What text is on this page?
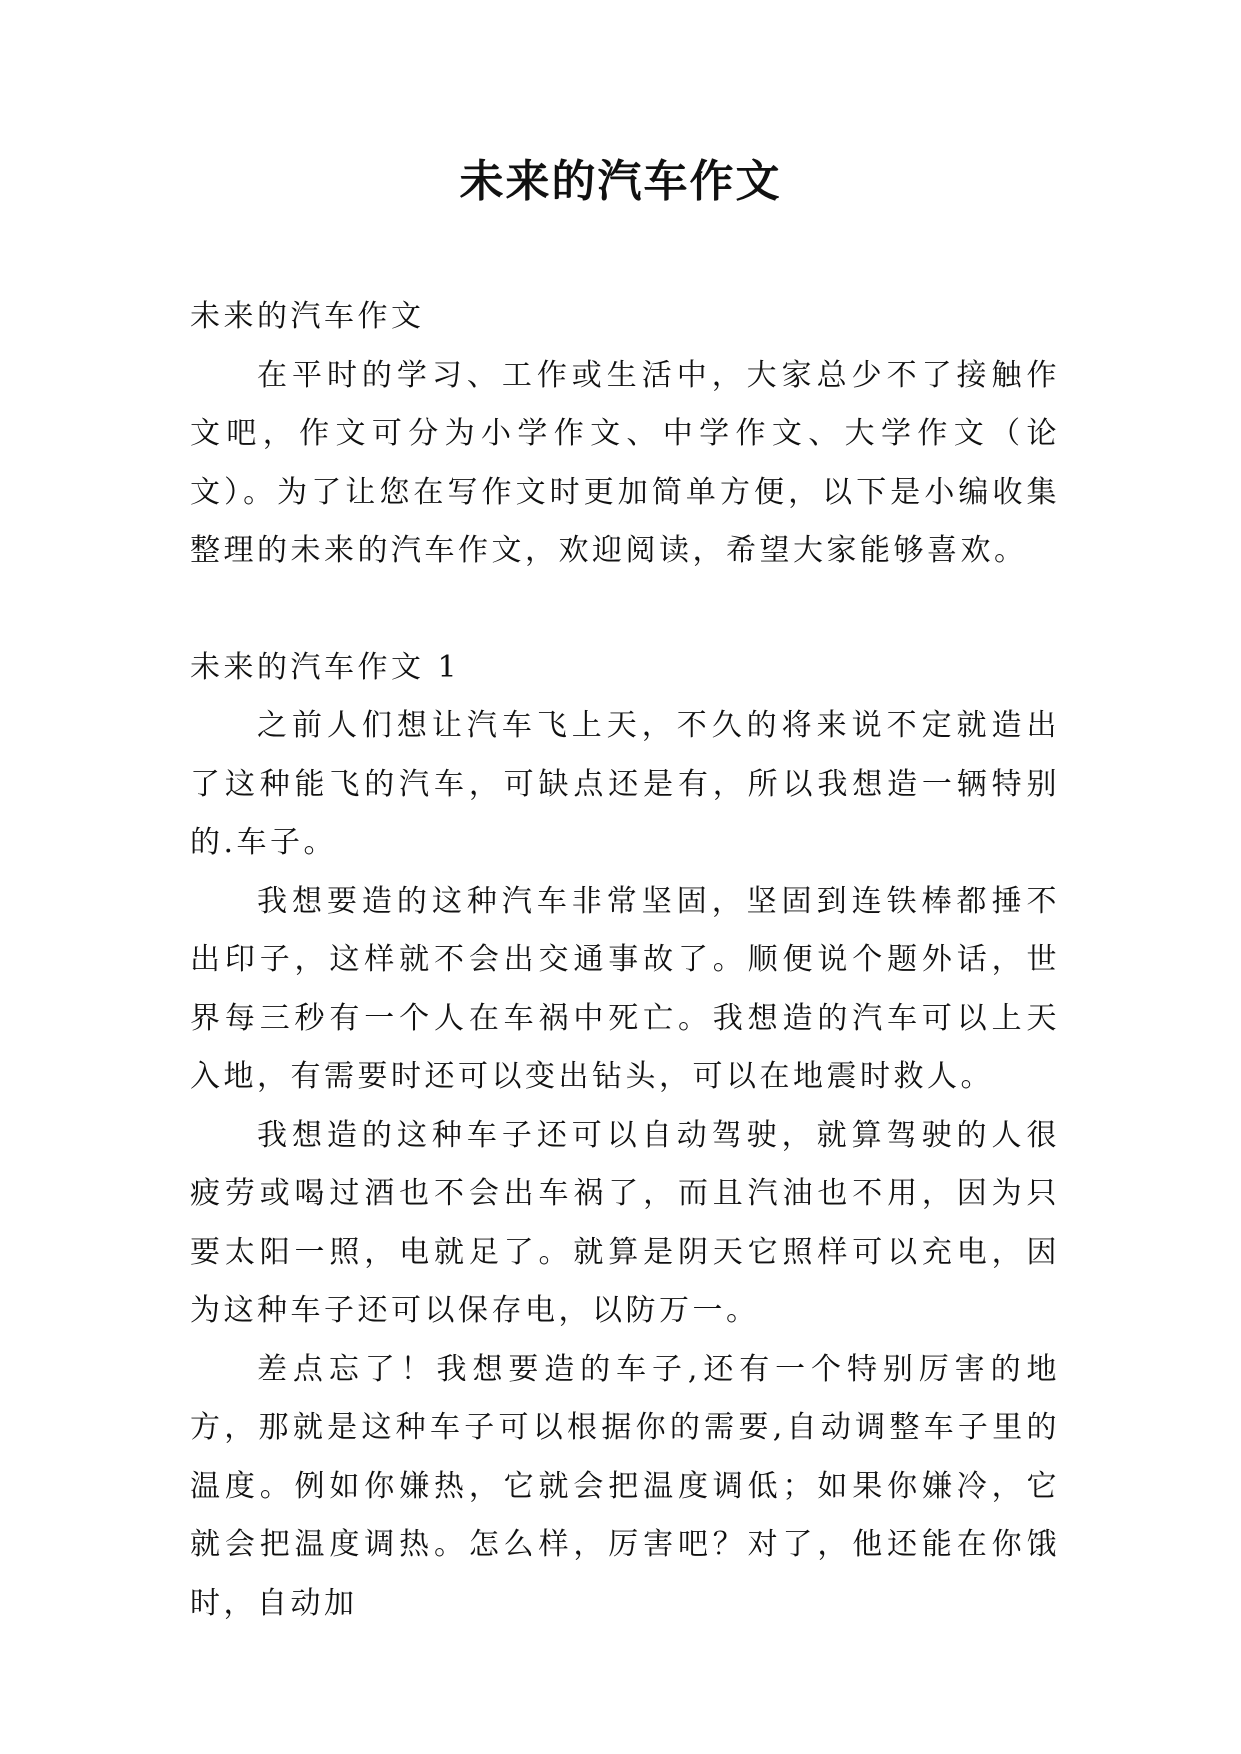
未来的汽车作文

未来的汽车作文

在平时的学习、工作或生活中，大家总少不了接触作文吧，作文可分为小学作文、中学作文、大学作文（论文）。为了让您在写作文时更加简单方便，以下是小编收集整理的未来的汽车作文，欢迎阅读，希望大家能够喜欢。

未来的汽车作文 1

之前人们想让汽车飞上天，不久的将来说不定就造出了这种能飞的汽车，可缺点还是有，所以我想造一辆特别的.车子。

我想要造的这种汽车非常坚固，坚固到连铁棒都捶不出印子，这样就不会出交通事故了。顺便说个题外话，世界每三秒有一个人在车祸中死亡。我想造的汽车可以上天入地，有需要时还可以变出钻头，可以在地震时救人。

我想造的这种车子还可以自动驾驶，就算驾驶的人很疲劳或喝过酒也不会出车祸了，而且汽油也不用，因为只要太阳一照，电就足了。就算是阴天它照样可以充电，因为这种车子还可以保存电，以防万一。

差点忘了！我想要造的车子,还有一个特别厉害的地方，那就是这种车子可以根据你的需要,自动调整车子里的温度。例如你嫌热，它就会把温度调低；如果你嫌冷，它就会把温度调热。怎么样，厉害吧？对了，他还能在你饿时，自动加
